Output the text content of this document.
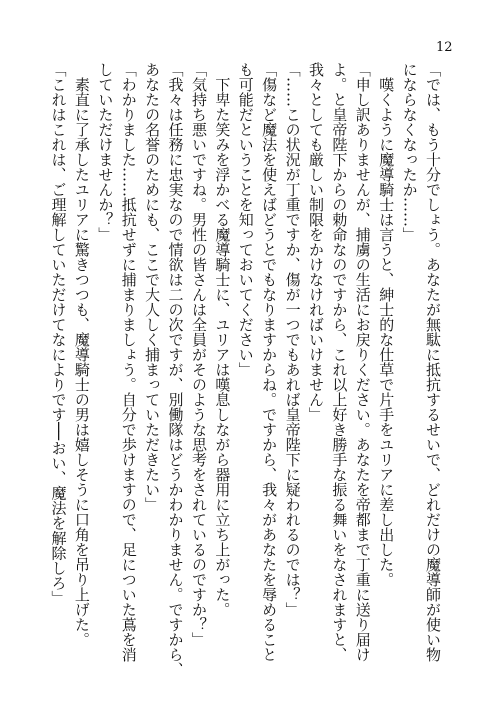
12
「では、もう十分でしょう。あなたが無駄に抵抗するせいで、どれだけの魔導師が使い物
になら​なくなったか……」
　嘆くように魔導騎士は言うと、紳士的な仕草で片手をユリアに差し出した。
「申し訳ありませんが、捕虜の生活にお戻りください。あなたを帝都まで丁重に送り届け
よ。と皇帝陛下からの勅命なのですから、これ以上好き勝手な振る舞いをなされますと、
我々としても厳しい制限をかけなければいけません」
「……この状況が丁重ですか、傷が一つでもあれば皇帝陛下に疑われるのでは？」
「傷など魔法を使えばどうとでもなりますからね。ですから、我々があなたを辱めること
も可能だということを知っておいてください」
　下卑た笑みを浮かべる魔導騎士に、ユリアは嘆息しながら器用に立ち上がった。
「気持ち悪いですね。男性の皆さんは全員がそのような思考をされているのですか？」
「我々は任務に忠実なので情欲は二の次ですが、別働隊はどうかわかりません。ですから、
あなたの名誉のためにも、ここで大人しく捕まっていただきたい」
「わかりました……抵抗せずに捕まりましょう。自分で歩けますので、足についた蔦を消
していただけませんか？」
　素直に了承したユリアに驚きつつも、魔導騎士の男は嬉しそうに口角を吊り上げた。
「これはこれは、ご理解していただけてなによりです──おい、魔法を解除しろ」
